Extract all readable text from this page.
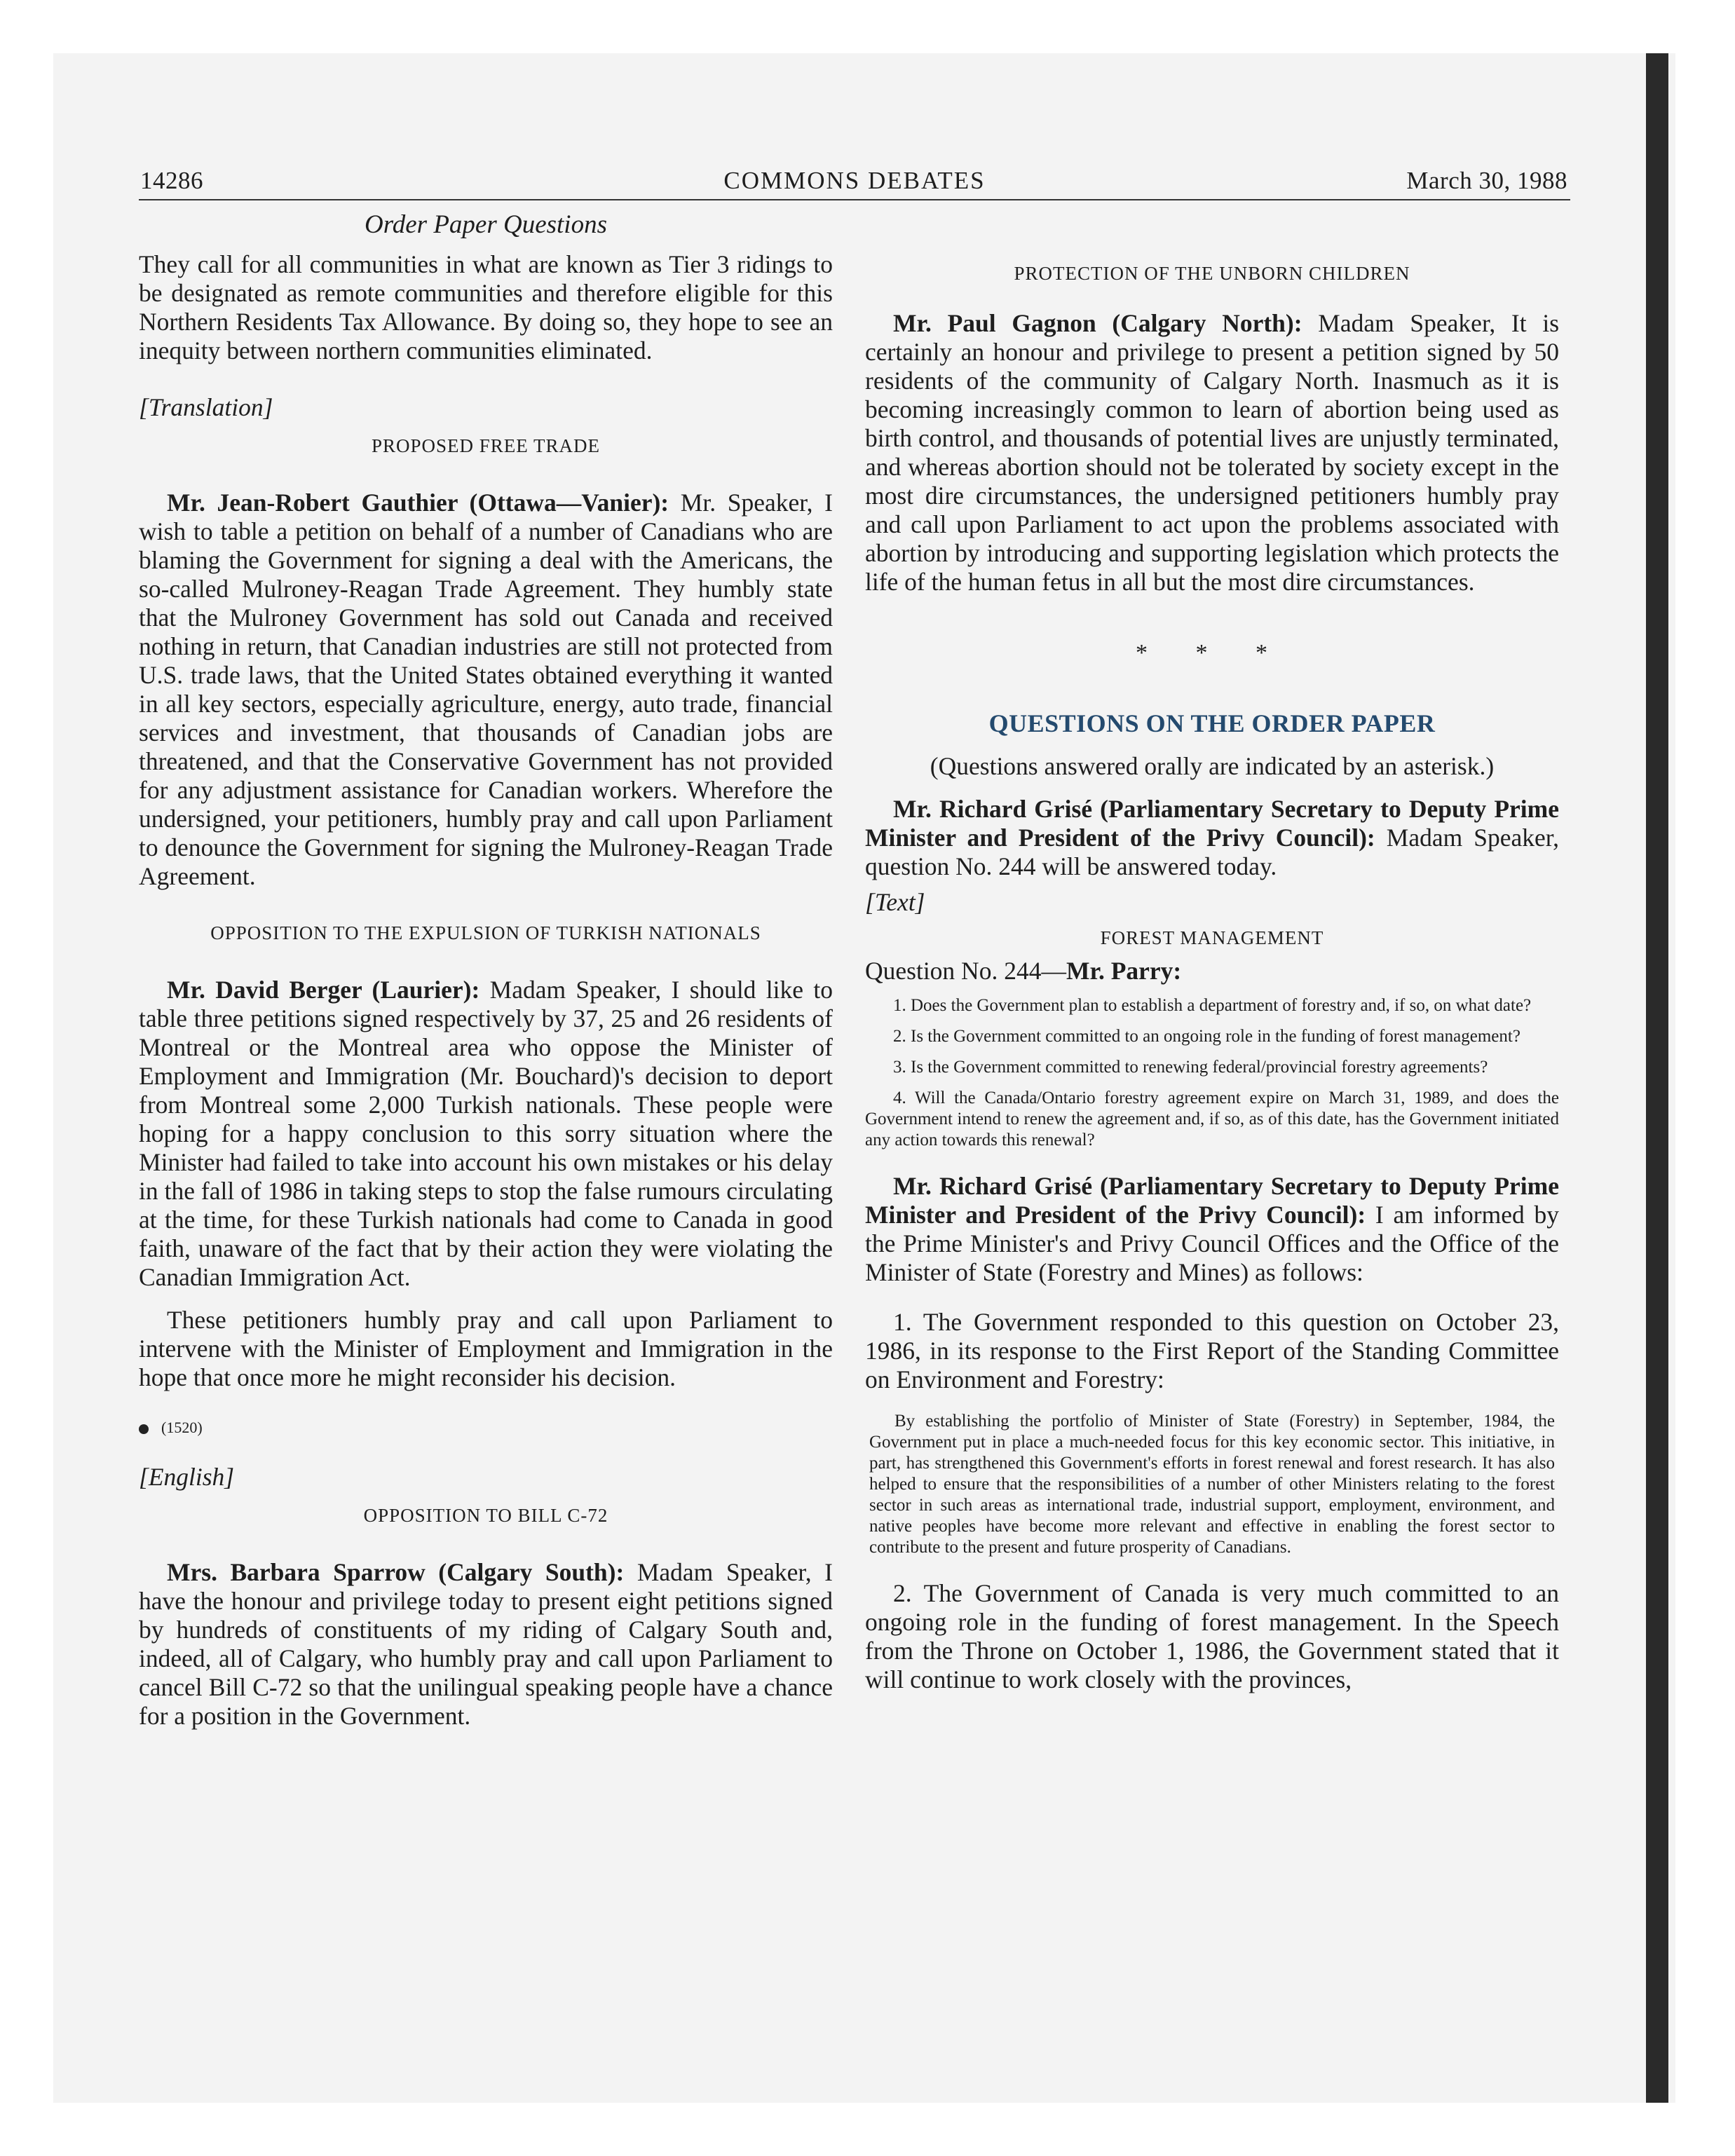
14286	COMMONS DEBATES	March 30, 1988
Order Paper Questions

They call for all communities in what are known as Tier 3 ridings to be designated as remote communities and therefore eligible for this Northern Residents Tax Allowance. By doing so, they hope to see an inequity between northern communities eliminated.

[Translation]

PROPOSED FREE TRADE

Mr. Jean-Robert Gauthier (Ottawa—Vanier): Mr. Speaker, I wish to table a petition on behalf of a number of Canadians who are blaming the Government for signing a deal with the Americans, the so-called Mulroney-Reagan Trade Agreement. They humbly state that the Mulroney Government has sold out Canada and received nothing in return, that Canadian industries are still not protected from U.S. trade laws, that the United States obtained everything it wanted in all key sectors, especially agriculture, energy, auto trade, financial services and investment, that thousands of Canadian jobs are threatened, and that the Conservative Government has not provided for any adjustment assistance for Canadian workers. Wherefore the undersigned, your petitioners, humbly pray and call upon Parliament to denounce the Government for signing the Mulroney-Reagan Trade Agreement.

OPPOSITION TO THE EXPULSION OF TURKISH NATIONALS

Mr. David Berger (Laurier): Madam Speaker, I should like to table three petitions signed respectively by 37, 25 and 26 residents of Montreal or the Montreal area who oppose the Minister of Employment and Immigration (Mr. Bouchard)'s decision to deport from Montreal some 2,000 Turkish nationals. These people were hoping for a happy conclusion to this sorry situation where the Minister had failed to take into account his own mistakes or his delay in the fall of 1986 in taking steps to stop the false rumours circulating at the time, for these Turkish nationals had come to Canada in good faith, unaware of the fact that by their action they were violating the Canadian Immigration Act.

These petitioners humbly pray and call upon Parliament to intervene with the Minister of Employment and Immigration in the hope that once more he might reconsider his decision.

(1520)

[English]

OPPOSITION TO BILL C-72

Mrs. Barbara Sparrow (Calgary South): Madam Speaker, I have the honour and privilege today to present eight petitions signed by hundreds of constituents of my riding of Calgary South and, indeed, all of Calgary, who humbly pray and call upon Parliament to cancel Bill C-72 so that the unilingual speaking people have a chance for a position in the Government.

PROTECTION OF THE UNBORN CHILDREN

Mr. Paul Gagnon (Calgary North): Madam Speaker, It is certainly an honour and privilege to present a petition signed by 50 residents of the community of Calgary North. Inasmuch as it is becoming increasingly common to learn of abortion being used as birth control, and thousands of potential lives are unjustly terminated, and whereas abortion should not be tolerated by society except in the most dire circumstances, the undersigned petitioners humbly pray and call upon Parliament to act upon the problems associated with abortion by introducing and supporting legislation which protects the life of the human fetus in all but the most dire circumstances.

* * *

QUESTIONS ON THE ORDER PAPER

(Questions answered orally are indicated by an asterisk.)

Mr. Richard Grisé (Parliamentary Secretary to Deputy Prime Minister and President of the Privy Council): Madam Speaker, question No. 244 will be answered today.

[Text]

FOREST MANAGEMENT

Question No. 244—Mr. Parry:

1. Does the Government plan to establish a department of forestry and, if so, on what date?

2. Is the Government committed to an ongoing role in the funding of forest management?

3. Is the Government committed to renewing federal/provincial forestry agreements?

4. Will the Canada/Ontario forestry agreement expire on March 31, 1989, and does the Government intend to renew the agreement and, if so, as of this date, has the Government initiated any action towards this renewal?

Mr. Richard Grisé (Parliamentary Secretary to Deputy Prime Minister and President of the Privy Council): I am informed by the Prime Minister's and Privy Council Offices and the Office of the Minister of State (Forestry and Mines) as follows:

1. The Government responded to this question on October 23, 1986, in its response to the First Report of the Standing Committee on Environment and Forestry:

By establishing the portfolio of Minister of State (Forestry) in September, 1984, the Government put in place a much-needed focus for this key economic sector. This initiative, in part, has strengthened this Government's efforts in forest renewal and forest research. It has also helped to ensure that the responsibilities of a number of other Ministers relating to the forest sector in such areas as international trade, industrial support, employment, environment, and native peoples have become more relevant and effective in enabling the forest sector to contribute to the present and future prosperity of Canadians.

2. The Government of Canada is very much committed to an ongoing role in the funding of forest management. In the Speech from the Throne on October 1, 1986, the Government stated that it will continue to work closely with the provinces,
